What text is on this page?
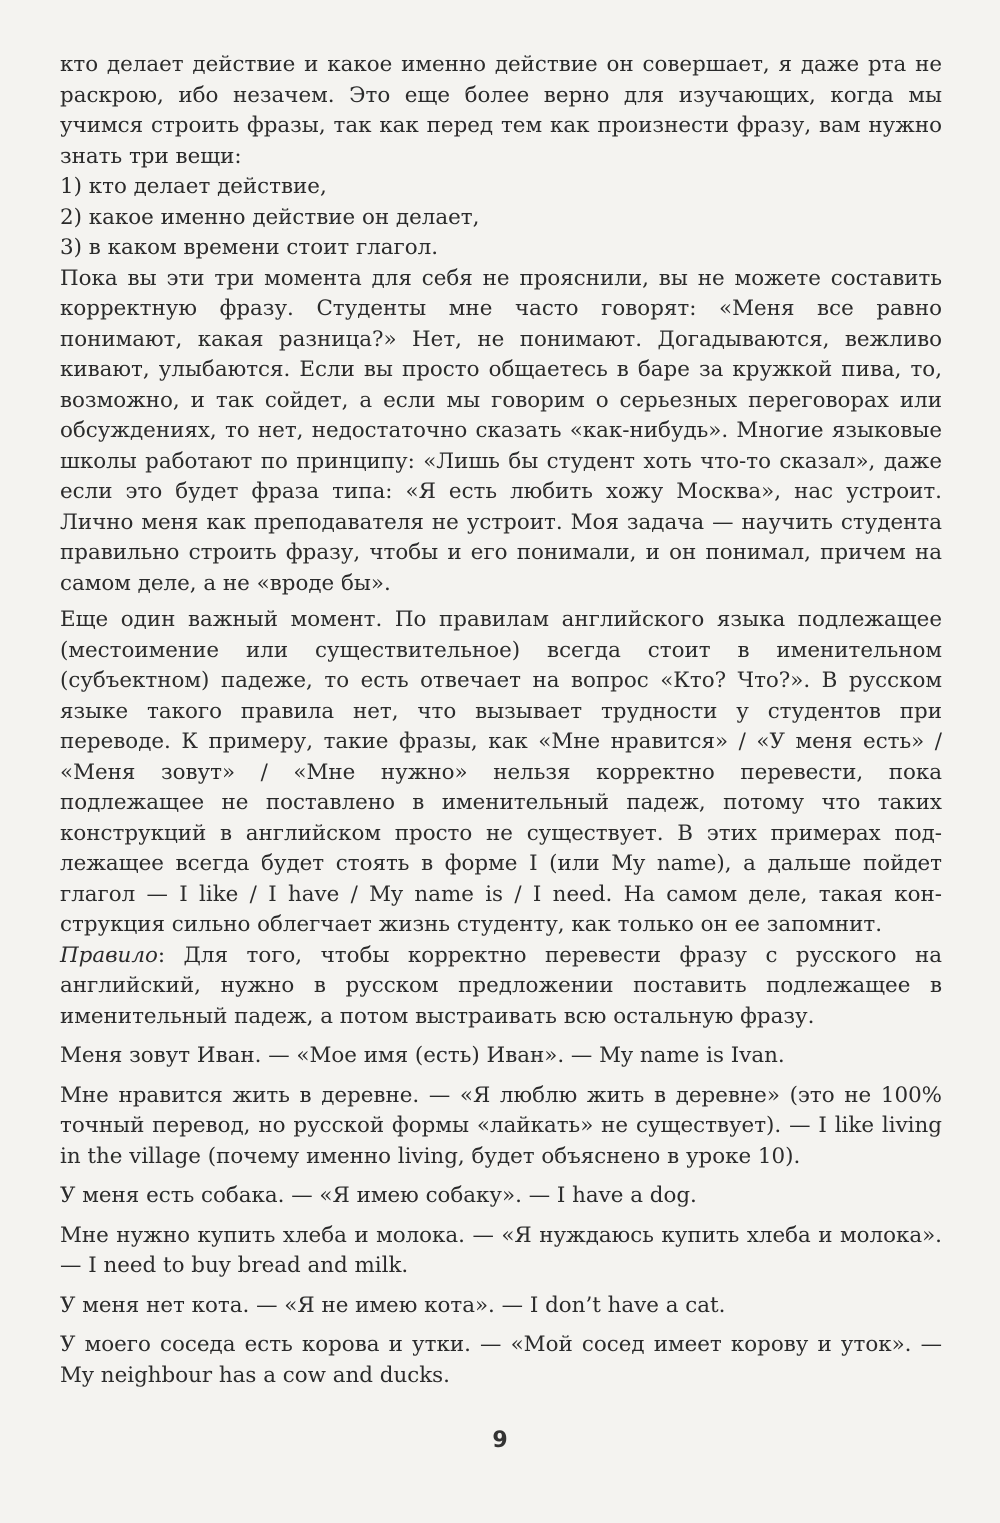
кто делает действие и какое именно действие он совершает, я даже рта не раскрою, ибо незачем. Это еще более верно для изучающих, когда мы учимся строить фразы, так как перед тем как произнести фразу, вам нужно знать три вещи:

1) кто делает действие,

2) какое именно действие он делает,

3) в каком времени стоит глагол.

Пока вы эти три момента для себя не прояснили, вы не можете составить корректную фразу. Студенты мне часто говорят: «Меня все равно понимают, какая разница?» Нет, не понимают. Догадываются, вежливо кивают, улыбаются. Если вы просто общаетесь в баре за кружкой пива, то, возможно, и так сойдет, а если мы говорим о серьезных переговорах или обсуждениях, то нет, недостаточно сказать «как-нибудь». Многие языковые школы работают по принципу: «Лишь бы студент хоть что-то сказал», даже если это будет фраза типа: «Я есть любить хожу Москва», нас устроит. Лично меня как преподавателя не устроит. Моя задача — научить студента правильно строить фразу, чтобы и его понимали, и он понимал, причем на самом деле, а не «вроде бы».

Еще один важный момент. По правилам английского языка подлежащее (местоимение или существительное) всегда стоит в именительном (субъектном) падеже, то есть отвечает на вопрос «Кто? Что?». В русском языке такого правила нет, что вызывает трудности у студентов при переводе. К примеру, такие фразы, как «Мне нравится» / «У меня есть» / «Меня зовут» / «Мне нужно» нельзя корректно перевести, пока подлежащее не поставлено в именительный падеж, потому что таких конструкций в английском просто не существует. В этих примерах подлежащее всегда будет стоять в форме I (или My name), а дальше пойдет глагол — I like / I have / My name is / I need. На самом деле, такая конструкция сильно облегчает жизнь студенту, как только он ее запомнит.

Правило: Для того, чтобы корректно перевести фразу с русского на английский, нужно в русском предложении поставить подлежащее в именительный падеж, а потом выстраивать всю остальную фразу.

Меня зовут Иван. — «Мое имя (есть) Иван». — My name is Ivan.

Мне нравится жить в деревне. — «Я люблю жить в деревне» (это не 100% точный перевод, но русской формы «лайкать» не существует). — I like living in the village (почему именно living, будет объяснено в уроке 10).

У меня есть собака. — «Я имею собаку». — I have a dog.

Мне нужно купить хлеба и молока. — «Я нуждаюсь купить хлеба и молока». — I need to buy bread and milk.

У меня нет кота. — «Я не имею кота». — I don’t have a cat.

У моего соседа есть корова и утки. — «Мой сосед имеет корову и уток». — My neighbour has a cow and ducks.

9
